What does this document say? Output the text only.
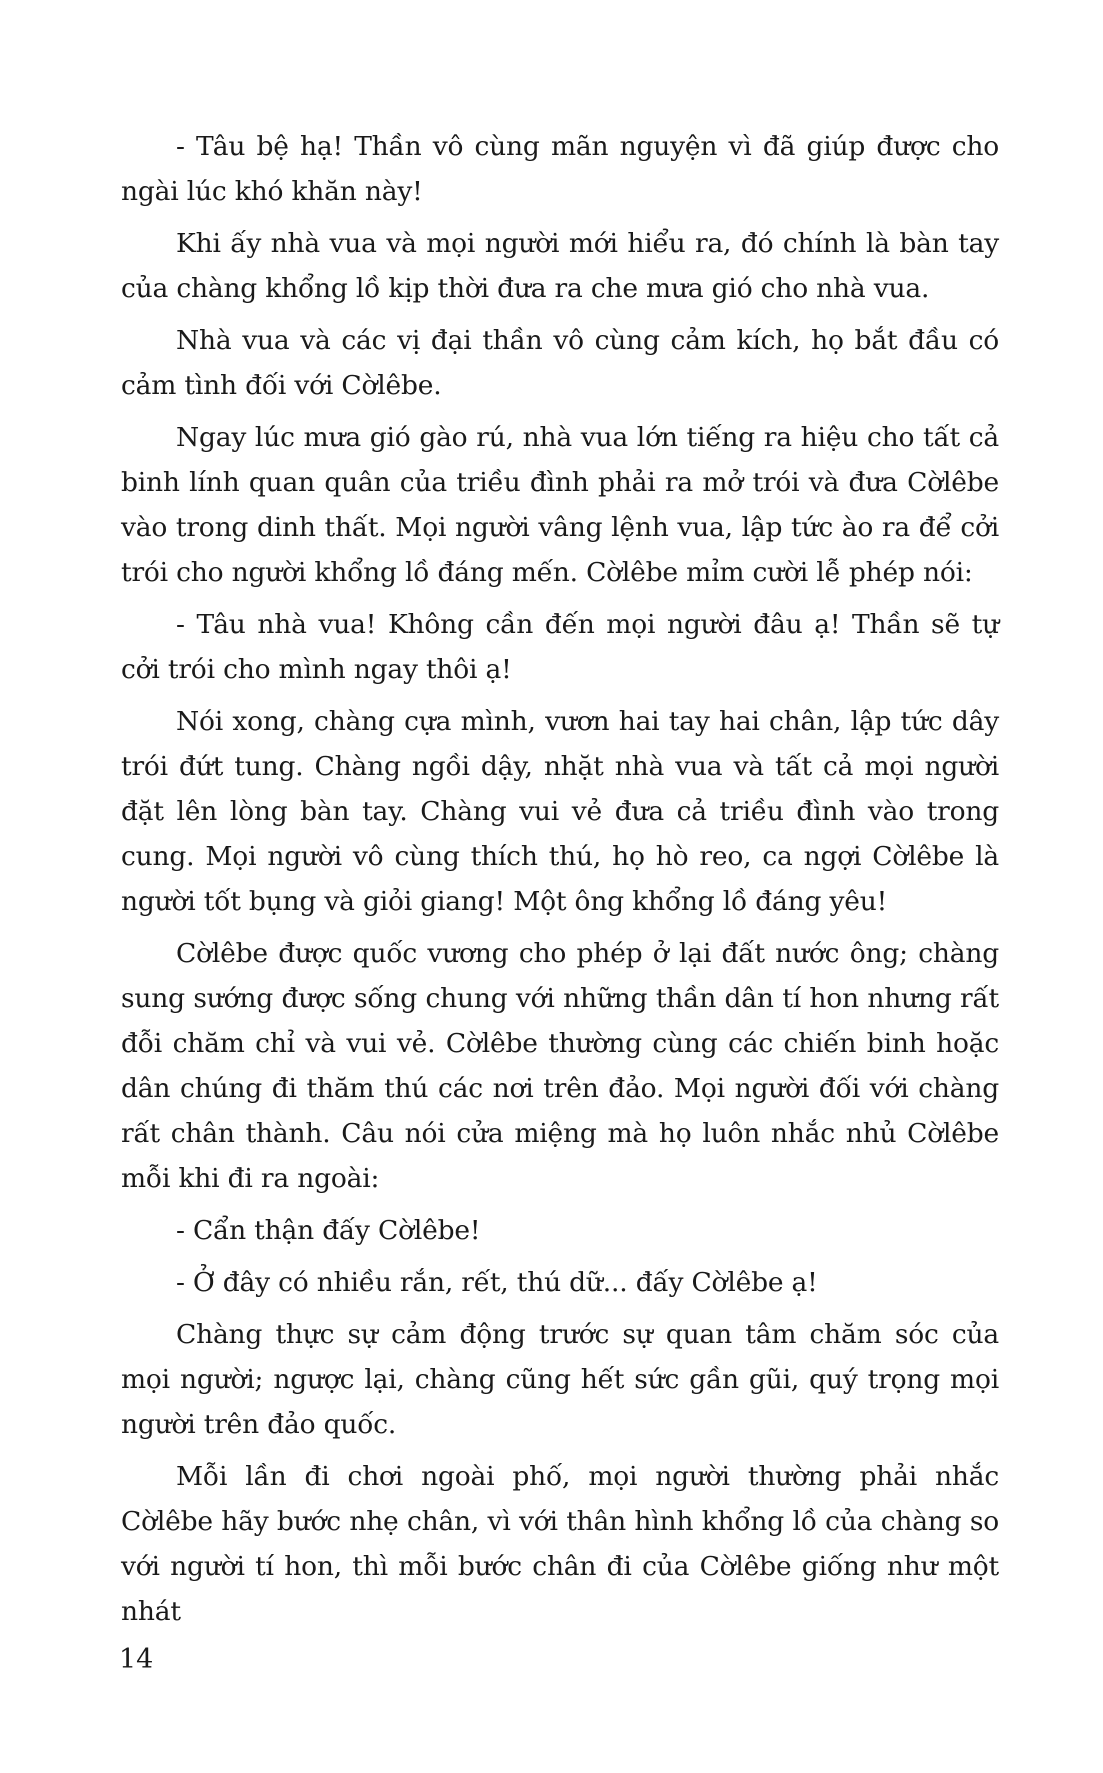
- Tâu bệ hạ! Thần vô cùng mãn nguyện vì đã giúp được cho ngài lúc khó khăn này!

Khi ấy nhà vua và mọi người mới hiểu ra, đó chính là bàn tay của chàng khổng lồ kịp thời đưa ra che mưa gió cho nhà vua.

Nhà vua và các vị đại thần vô cùng cảm kích, họ bắt đầu có cảm tình đối với Cờlêbe.

Ngay lúc mưa gió gào rú, nhà vua lớn tiếng ra hiệu cho tất cả binh lính quan quân của triều đình phải ra mở trói và đưa Cờlêbe vào trong dinh thất. Mọi người vâng lệnh vua, lập tức ào ra để cởi trói cho người khổng lồ đáng mến. Cờlêbe mỉm cười lễ phép nói:

- Tâu nhà vua! Không cần đến mọi người đâu ạ! Thần sẽ tự cởi trói cho mình ngay thôi ạ!

Nói xong, chàng cựa mình, vươn hai tay hai chân, lập tức dây trói đứt tung. Chàng ngồi dậy, nhặt nhà vua và tất cả mọi người đặt lên lòng bàn tay. Chàng vui vẻ đưa cả triều đình vào trong cung. Mọi người vô cùng thích thú, họ hò reo, ca ngợi Cờlêbe là người tốt bụng và giỏi giang! Một ông khổng lồ đáng yêu!

Cờlêbe được quốc vương cho phép ở lại đất nước ông; chàng sung sướng được sống chung với những thần dân tí hon nhưng rất đỗi chăm chỉ và vui vẻ. Cờlêbe thường cùng các chiến binh hoặc dân chúng đi thăm thú các nơi trên đảo. Mọi người đối với chàng rất chân thành. Câu nói cửa miệng mà họ luôn nhắc nhủ Cờlêbe mỗi khi đi ra ngoài:

- Cẩn thận đấy Cờlêbe!

- Ở đây có nhiều rắn, rết, thú dữ... đấy Cờlêbe ạ!

Chàng thực sự cảm động trước sự quan tâm chăm sóc của mọi người; ngược lại, chàng cũng hết sức gần gũi, quý trọng mọi người trên đảo quốc.

Mỗi lần đi chơi ngoài phố, mọi người thường phải nhắc Cờlêbe hãy bước nhẹ chân, vì với thân hình khổng lồ của chàng so với người tí hon, thì mỗi bước chân đi của Cờlêbe giống như một nhát

14
